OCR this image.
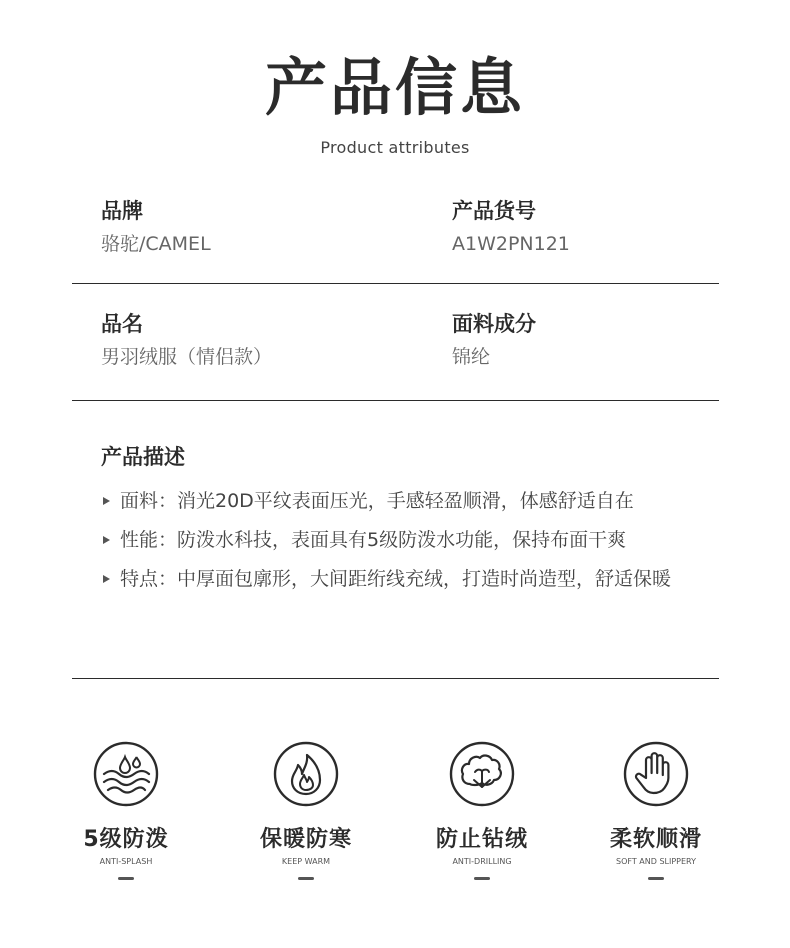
产品信息
Product attributes
品牌
骆驼/CAMEL
产品货号
A1W2PN121
品名
男羽绒服（情侣款）
面料成分
锦纶
产品描述
面料：消光20D平纹表面压光，手感轻盈顺滑，体感舒适自在
性能：防泼水科技，表面具有5级防泼水功能，保持布面干爽
特点：中厚面包廓形，大间距绗线充绒，打造时尚造型，舒适保暖
5级防泼
ANTI-SPLASH
保暖防寒
KEEP WARM
防止钻绒
ANTI-DRILLING
柔软顺滑
SOFT AND SLIPPERY
